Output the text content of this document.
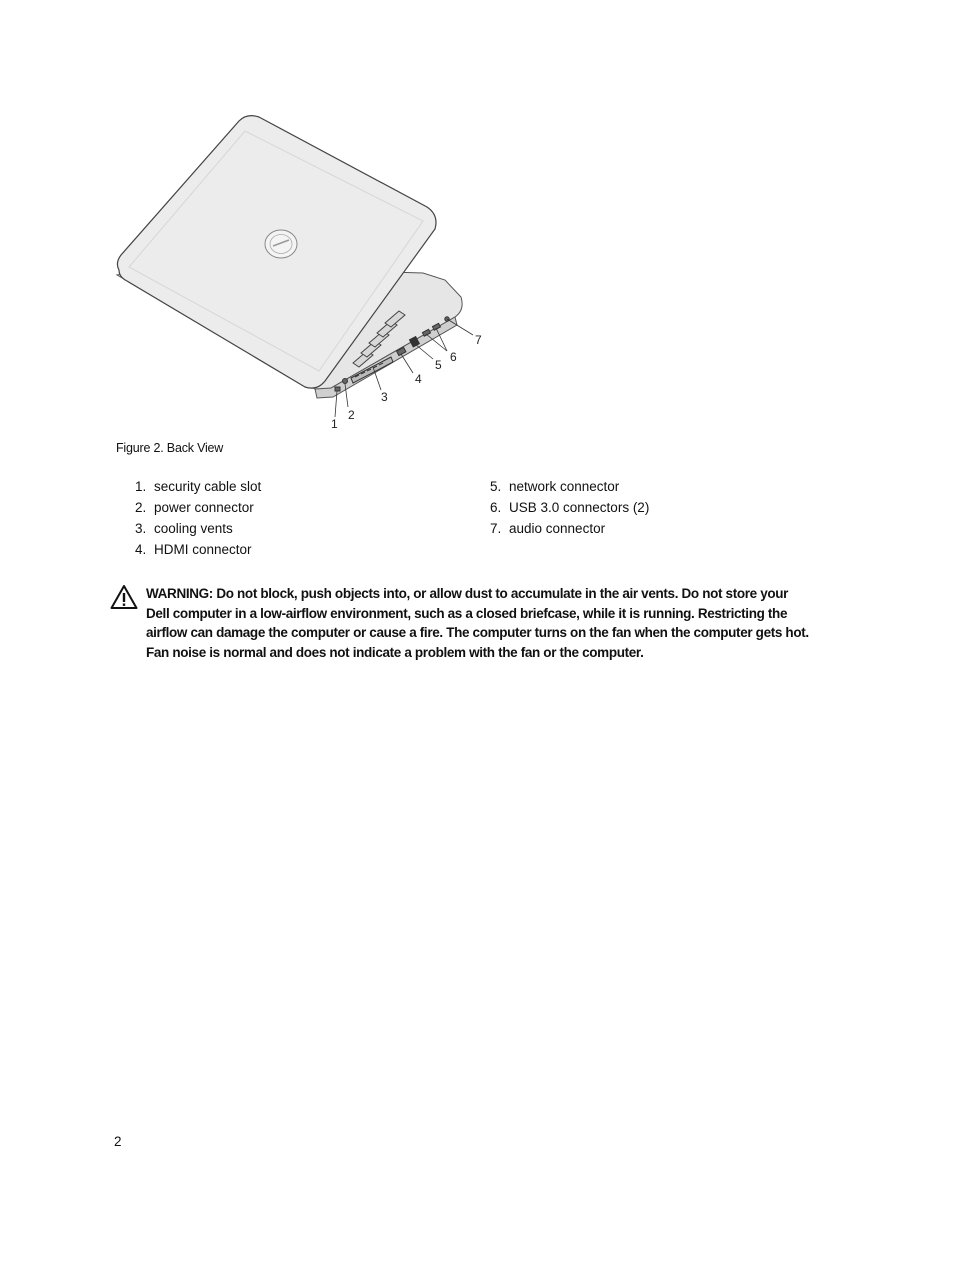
1
2
3
4
5
6
7
Figure 2. Back View
1. security cable slot
2. power connector
3. cooling vents
4. HDMI connector
5. network connector
6. USB 3.0 connectors (2)
7. audio connector
WARNING: Do not block, push objects into, or allow dust to accumulate in the air vents. Do not store your Dell computer in a low-airflow environment, such as a closed briefcase, while it is running. Restricting the airflow can damage the computer or cause a fire. The computer turns on the fan when the computer gets hot. Fan noise is normal and does not indicate a problem with the fan or the computer.
2
